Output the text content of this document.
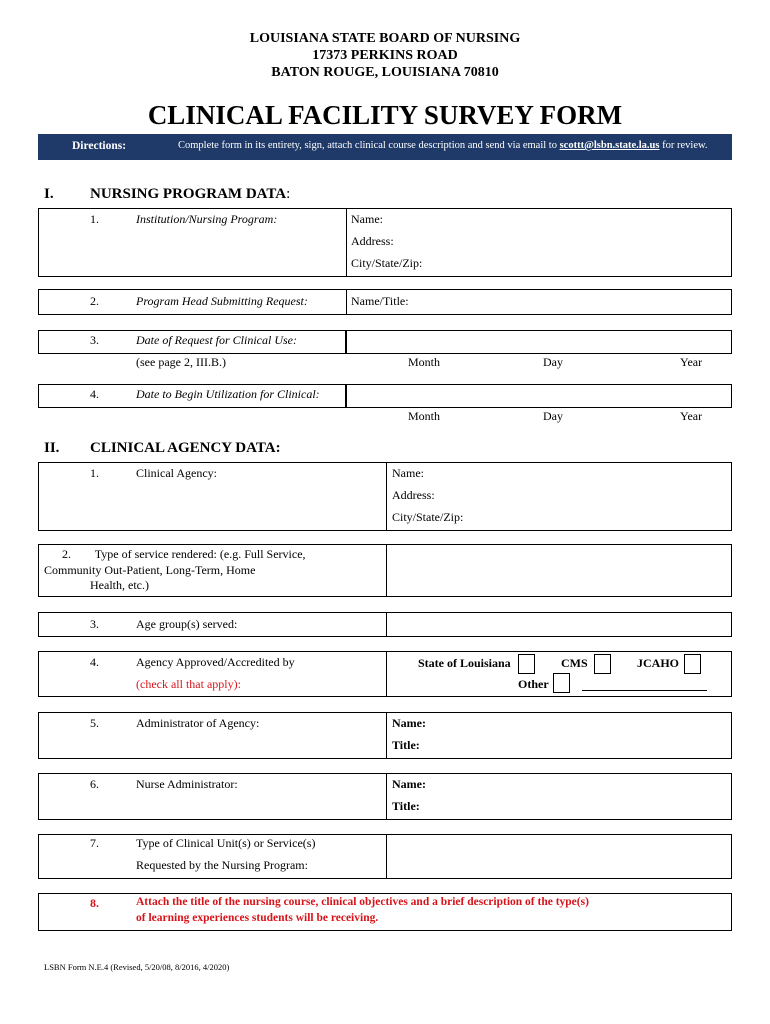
LOUISIANA STATE BOARD OF NURSING
17373 PERKINS ROAD
BATON ROUGE, LOUISIANA 70810
CLINICAL FACILITY SURVEY FORM
Directions:	Complete form in its entirety, sign, attach clinical course description and send via email to scottt@lsbn.state.la.us for review.
I. NURSING PROGRAM DATA:
1.	Institution/Nursing Program:	Name:
Address:
City/State/Zip:
2.	Program Head Submitting Request:	Name/Title:
3.	Date of Request for Clinical Use:
(see page 2, III.B.)	Month	Day	Year
4.	Date to Begin Utilization for Clinical:
Month	Day	Year
II. CLINICAL AGENCY DATA:
1.	Clinical Agency:	Name:
Address:
City/State/Zip:
2.        Type of service rendered: (e.g. Full Service,
Community Out-Patient, Long-Term, Home
Health, etc.)
3.	Age group(s) served:
4.	Agency Approved/Accredited by
(check all that apply):
State of Louisiana	CMS	JCAHO
Other
5.	Administrator of Agency:	Name:
Title:
6.	Nurse Administrator:	Name:
Title:
7.	Type of Clinical Unit(s) or Service(s)
Requested by the Nursing Program:
8.	Attach the title of the nursing course, clinical objectives and a brief description of the type(s)
of learning experiences students will be receiving.
LSBN Form N.E.4 (Revised, 5/20/08, 8/2016, 4/2020)
